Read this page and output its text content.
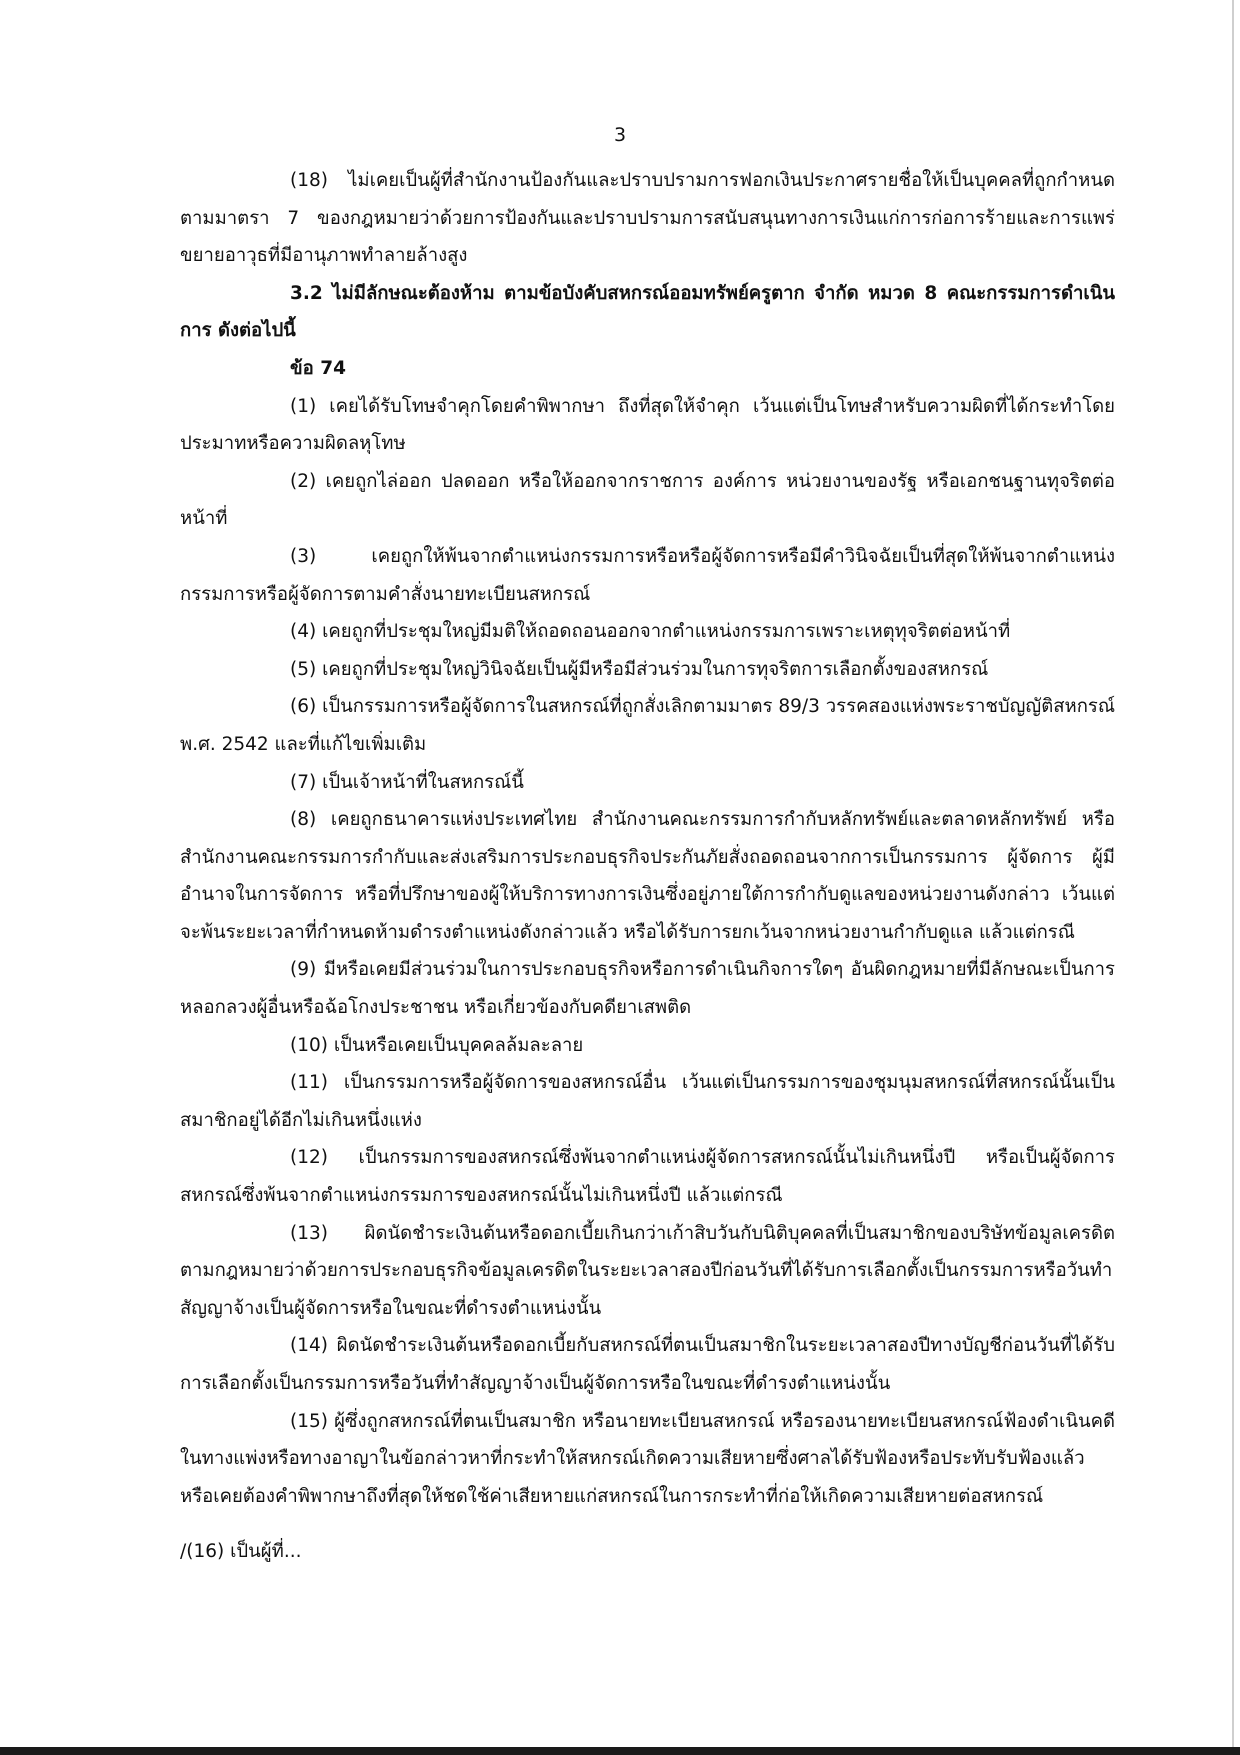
3

(18) ไม่เคยเป็นผู้ที่สำนักงานป้องกันและปราบปรามการฟอกเงินประกาศรายชื่อให้เป็นบุคคลที่ถูกกำหนดตามมาตรา 7 ของกฎหมายว่าด้วยการป้องกันและปราบปรามการสนับสนุนทางการเงินแก่การก่อการร้ายและการแพร่ขยายอาวุธที่มีอานุภาพทำลายล้างสูง

3.2 ไม่มีลักษณะต้องห้าม ตามข้อบังคับสหกรณ์ออมทรัพย์ครูตาก จำกัด หมวด 8 คณะกรรมการดำเนินการ ดังต่อไปนี้

ข้อ 74

(1) เคยได้รับโทษจำคุกโดยคำพิพากษา ถึงที่สุดให้จำคุก เว้นแต่เป็นโทษสำหรับความผิดที่ได้กระทำโดยประมาทหรือความผิดลหุโทษ

(2) เคยถูกไล่ออก ปลดออก หรือให้ออกจากราชการ องค์การ หน่วยงานของรัฐ หรือเอกชนฐานทุจริตต่อหน้าที่

(3) เคยถูกให้พ้นจากตำแหน่งกรรมการหรือหรือผู้จัดการหรือมีคำวินิจฉัยเป็นที่สุดให้พ้นจากตำแหน่งกรรมการหรือผู้จัดการตามคำสั่งนายทะเบียนสหกรณ์

(4) เคยถูกที่ประชุมใหญ่มีมติให้ถอดถอนออกจากตำแหน่งกรรมการเพราะเหตุทุจริตต่อหน้าที่

(5) เคยถูกที่ประชุมใหญ่วินิจฉัยเป็นผู้มีหรือมีส่วนร่วมในการทุจริตการเลือกตั้งของสหกรณ์

(6) เป็นกรรมการหรือผู้จัดการในสหกรณ์ที่ถูกสั่งเลิกตามมาตร 89/3 วรรคสองแห่งพระราชบัญญัติสหกรณ์ พ.ศ. 2542 และที่แก้ไขเพิ่มเติม

(7) เป็นเจ้าหน้าที่ในสหกรณ์นี้

(8) เคยถูกธนาคารแห่งประเทศไทย สำนักงานคณะกรรมการกำกับหลักทรัพย์และตลาดหลักทรัพย์ หรือสำนักงานคณะกรรมการกำกับและส่งเสริมการประกอบธุรกิจประกันภัยสั่งถอดถอนจากการเป็นกรรมการ ผู้จัดการ ผู้มีอำนาจในการจัดการ หรือที่ปรึกษาของผู้ให้บริการทางการเงินซึ่งอยู่ภายใต้การกำกับดูแลของหน่วยงานดังกล่าว เว้นแต่จะพ้นระยะเวลาที่กำหนดห้ามดำรงตำแหน่งดังกล่าวแล้ว หรือได้รับการยกเว้นจากหน่วยงานกำกับดูแล แล้วแต่กรณี

(9) มีหรือเคยมีส่วนร่วมในการประกอบธุรกิจหรือการดำเนินกิจการใดๆ อันผิดกฎหมายที่มีลักษณะเป็นการหลอกลวงผู้อื่นหรือฉ้อโกงประชาชน หรือเกี่ยวข้องกับคดียาเสพติด

(10) เป็นหรือเคยเป็นบุคคลล้มละลาย

(11) เป็นกรรมการหรือผู้จัดการของสหกรณ์อื่น เว้นแต่เป็นกรรมการของชุมนุมสหกรณ์ที่สหกรณ์นั้นเป็นสมาชิกอยู่ได้อีกไม่เกินหนึ่งแห่ง

(12) เป็นกรรมการของสหกรณ์ซึ่งพ้นจากตำแหน่งผู้จัดการสหกรณ์นั้นไม่เกินหนึ่งปี หรือเป็นผู้จัดการสหกรณ์ซึ่งพ้นจากตำแหน่งกรรมการของสหกรณ์นั้นไม่เกินหนึ่งปี แล้วแต่กรณี

(13) ผิดนัดชำระเงินต้นหรือดอกเบี้ยเกินกว่าเก้าสิบวันกับนิติบุคคลที่เป็นสมาชิกของบริษัทข้อมูลเครดิตตามกฎหมายว่าด้วยการประกอบธุรกิจข้อมูลเครดิตในระยะเวลาสองปีก่อนวันที่ได้รับการเลือกตั้งเป็นกรรมการหรือวันทำสัญญาจ้างเป็นผู้จัดการหรือในขณะที่ดำรงตำแหน่งนั้น

(14) ผิดนัดชำระเงินต้นหรือดอกเบี้ยกับสหกรณ์ที่ตนเป็นสมาชิกในระยะเวลาสองปีทางบัญชีก่อนวันที่ได้รับการเลือกตั้งเป็นกรรมการหรือวันที่ทำสัญญาจ้างเป็นผู้จัดการหรือในขณะที่ดำรงตำแหน่งนั้น

(15) ผู้ซึ่งถูกสหกรณ์ที่ตนเป็นสมาชิก หรือนายทะเบียนสหกรณ์ หรือรองนายทะเบียนสหกรณ์ฟ้องดำเนินคดีในทางแพ่งหรือทางอาญาในข้อกล่าวหาที่กระทำให้สหกรณ์เกิดความเสียหายซึ่งศาลได้รับฟ้องหรือประทับรับฟ้องแล้ว หรือเคยต้องคำพิพากษาถึงที่สุดให้ชดใช้ค่าเสียหายแก่สหกรณ์ในการกระทำที่ก่อให้เกิดความเสียหายต่อสหกรณ์

/(16) เป็นผู้ที่...
